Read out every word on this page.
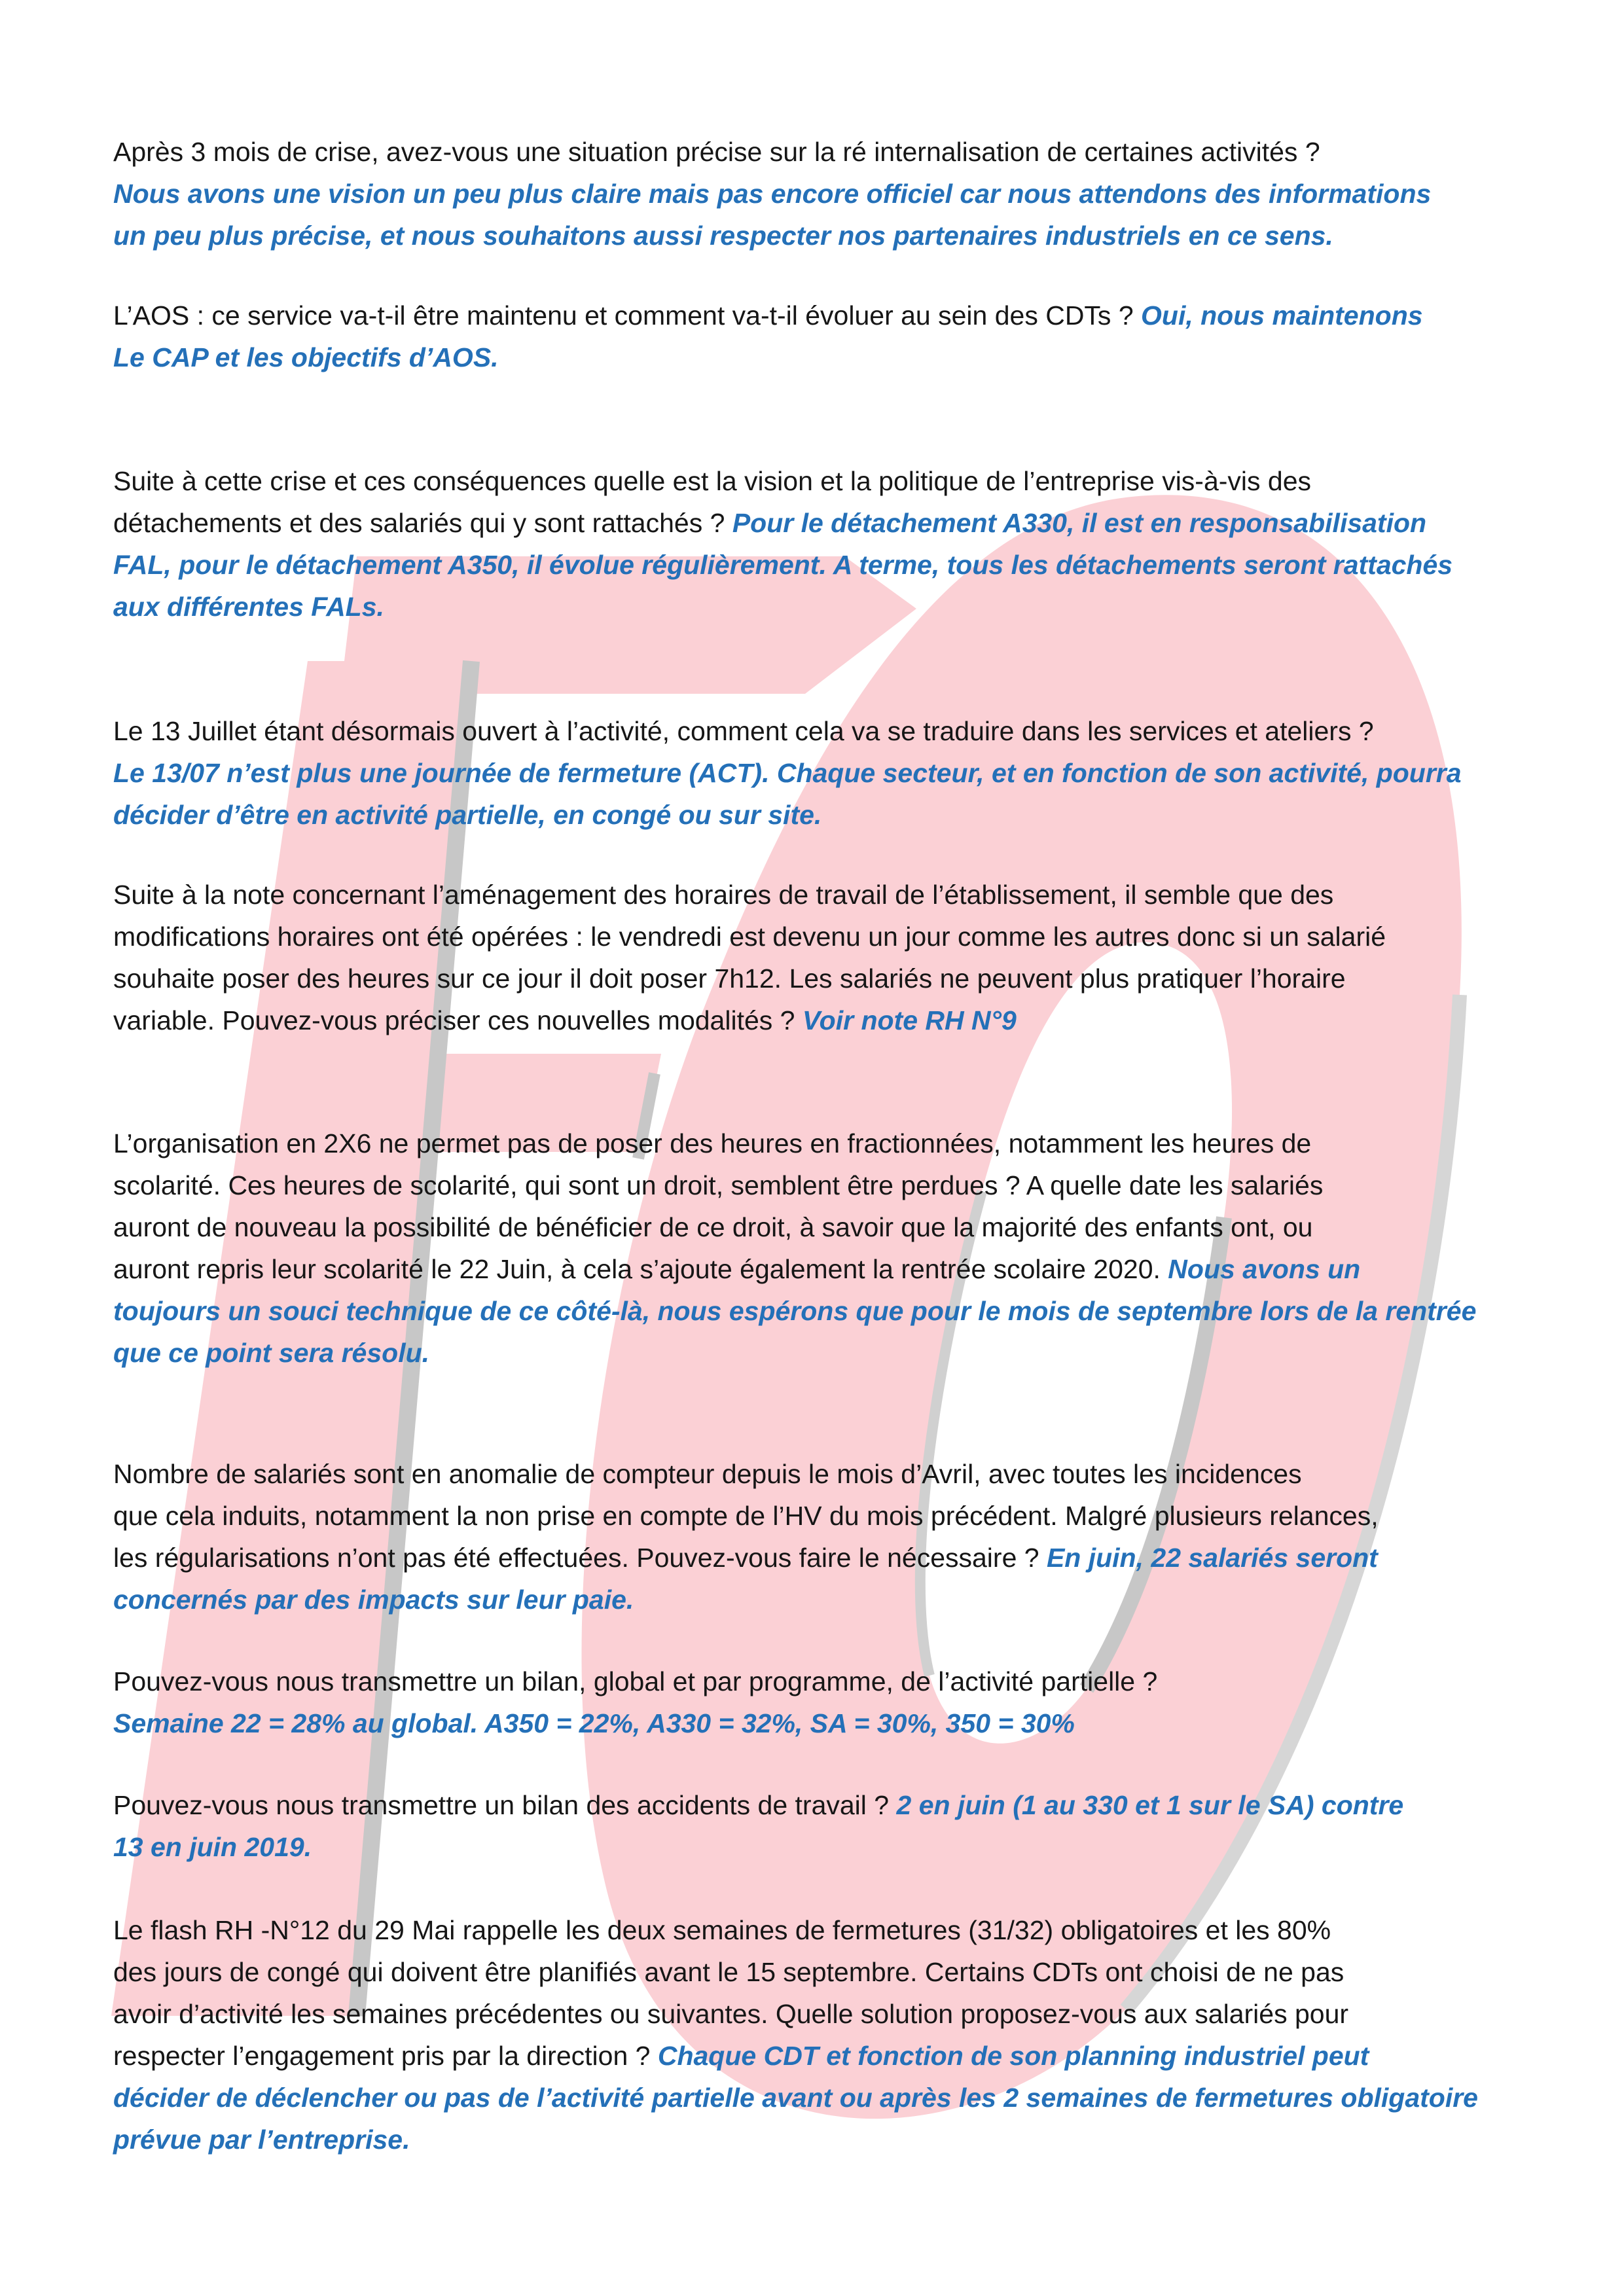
Après 3 mois de crise, avez-vous une situation précise sur la ré internalisation de certaines activités ?
Nous avons une vision un peu plus claire mais pas encore officiel car nous attendons des informations
un peu plus précise, et nous souhaitons aussi respecter nos partenaires industriels en ce sens.
L’AOS : ce service va-t-il être maintenu et comment va-t-il évoluer au sein des CDTs ? Oui, nous maintenons
Le CAP et les objectifs d’AOS.
Suite à cette crise et ces conséquences quelle est la vision et la politique de l’entreprise vis-à-vis des
détachements et des salariés qui y sont rattachés ? Pour le détachement A330, il est en responsabilisation
FAL, pour le détachement A350, il évolue régulièrement. A terme, tous les détachements seront rattachés
aux différentes FALs.
Le 13 Juillet étant désormais ouvert à l’activité, comment cela va se traduire dans les services et ateliers ?
Le 13/07 n’est plus une journée de fermeture (ACT). Chaque secteur, et en fonction de son activité, pourra
décider d’être en activité partielle, en congé ou sur site.
Suite à la note concernant l’aménagement des horaires de travail de l’établissement, il semble que des
modifications horaires ont été opérées : le vendredi est devenu un jour comme les autres donc si un salarié
souhaite poser des heures sur ce jour il doit poser 7h12. Les salariés ne peuvent plus pratiquer l’horaire
variable. Pouvez-vous préciser ces nouvelles modalités ? Voir note RH N°9
L’organisation en 2X6 ne permet pas de poser des heures en fractionnées, notamment les heures de
scolarité. Ces heures de scolarité, qui sont un droit, semblent être perdues ? A quelle date les salariés
auront de nouveau la possibilité de bénéficier de ce droit, à savoir que la majorité des enfants ont, ou
auront repris leur scolarité le 22 Juin, à cela s’ajoute également la rentrée scolaire 2020. Nous avons un
toujours un souci technique de ce côté-là, nous espérons que pour le mois de septembre lors de la rentrée
que ce point sera résolu.
Nombre de salariés sont en anomalie de compteur depuis le mois d’Avril, avec toutes les incidences
que cela induits, notamment la non prise en compte de l’HV du mois précédent. Malgré plusieurs relances,
les régularisations n’ont pas été effectuées. Pouvez-vous faire le nécessaire ? En juin, 22 salariés seront
concernés par des impacts sur leur paie.
Pouvez-vous nous transmettre un bilan, global et par programme, de l’activité partielle ?
Semaine 22 = 28% au global. A350 = 22%, A330 = 32%, SA = 30%, 350 = 30%
Pouvez-vous nous transmettre un bilan des accidents de travail ? 2 en juin (1 au 330 et 1 sur le SA) contre
13 en juin 2019.
Le flash RH -N°12 du 29 Mai rappelle les deux semaines de fermetures (31/32) obligatoires et les 80%
des jours de congé qui doivent être planifiés avant le 15 septembre. Certains CDTs ont choisi de ne pas
avoir d’activité les semaines précédentes ou suivantes. Quelle solution proposez-vous aux salariés pour
respecter l’engagement pris par la direction ? Chaque CDT et fonction de son planning industriel peut
décider de déclencher ou pas de l’activité partielle avant ou après les 2 semaines de fermetures obligatoire
prévue par l’entreprise.
